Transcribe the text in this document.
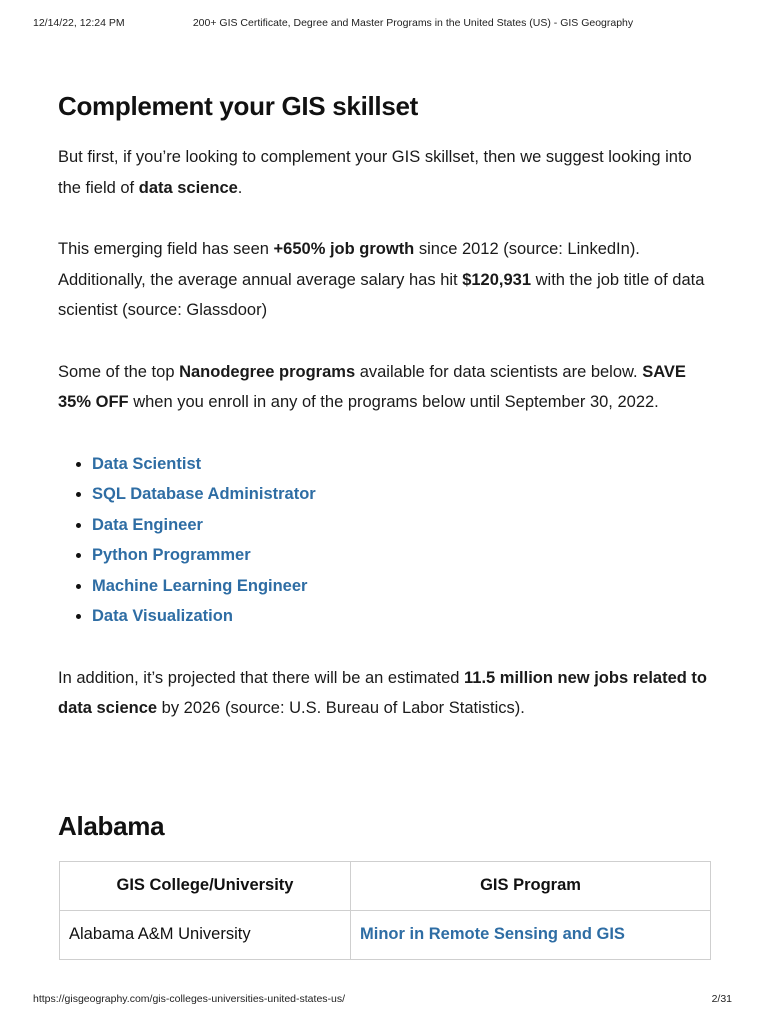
12/14/22, 12:24 PM	200+ GIS Certificate, Degree and Master Programs in the United States (US) - GIS Geography
Complement your GIS skillset

But first, if you’re looking to complement your GIS skillset, then we suggest looking into the field of data science.

This emerging field has seen +650% job growth since 2012 (source: LinkedIn). Additionally, the average annual average salary has hit $120,931 with the job title of data scientist (source: Glassdoor)

Some of the top Nanodegree programs available for data scientists are below. SAVE 35% OFF when you enroll in any of the programs below until September 30, 2022.

Data Scientist
SQL Database Administrator
Data Engineer
Python Programmer
Machine Learning Engineer
Data Visualization

In addition, it’s projected that there will be an estimated 11.5 million new jobs related to data science by 2026 (source: U.S. Bureau of Labor Statistics).

Alabama
GIS College/University	GIS Program
Alabama A&M University	Minor in Remote Sensing and GIS
https://gisgeography.com/gis-colleges-universities-united-states-us/	2/31
